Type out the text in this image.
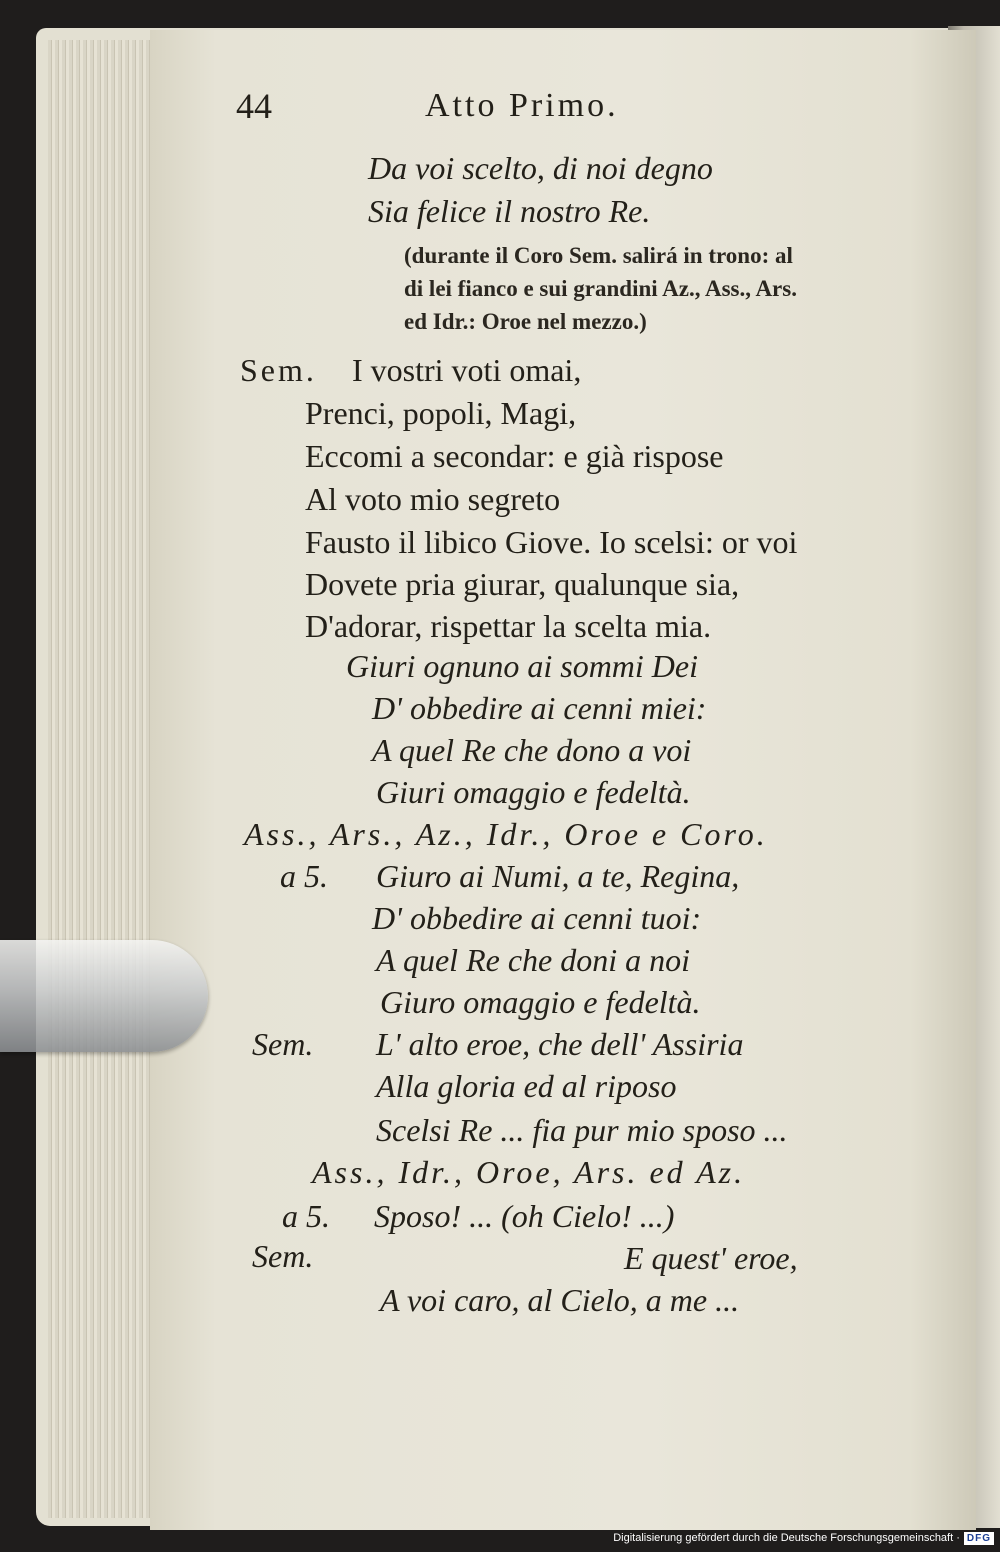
44	Atto Primo.
Da voi scelto, di noi degno
Sia felice il nostro Re.
(durante il Coro Sem. salirá in trono: al
di lei fianco e sui grandini Az., Ass., Ars.
ed Idr.: Oroe nel mezzo.)
Sem. I vostri voti omai,
Prenci, popoli, Magi,
Eccomi a secondar: e già rispose
Al voto mio segreto
Fausto il libico Giove. Io scelsi: or voi
Dovete pria giurar, qualunque sia,
D'adorar, rispettar la scelta mia.
Giuri ognuno ai sommi Dei
D' obbedire ai cenni miei:
A quel Re che dono a voi
Giuri omaggio e fedeltà.
Ass., Ars., Az., Idr., Oroe e Coro.
a 5. Giuro ai Numi, a te, Regina,
D' obbedire ai cenni tuoi:
A quel Re che doni a noi
Giuro omaggio e fedeltà.
Sem. L' alto eroe, che dell' Assiria
Alla gloria ed al riposo
Scelsi Re ... fia pur mio sposo ...
Ass., Idr., Oroe, Ars. ed Az.
a 5. Sposo! ... (oh Cielo! ...)
Sem.	E quest' eroe,
A voi caro, al Cielo, a me ...
Digitalisierung gefördert durch die Deutsche Forschungsgemeinschaft · DFG
